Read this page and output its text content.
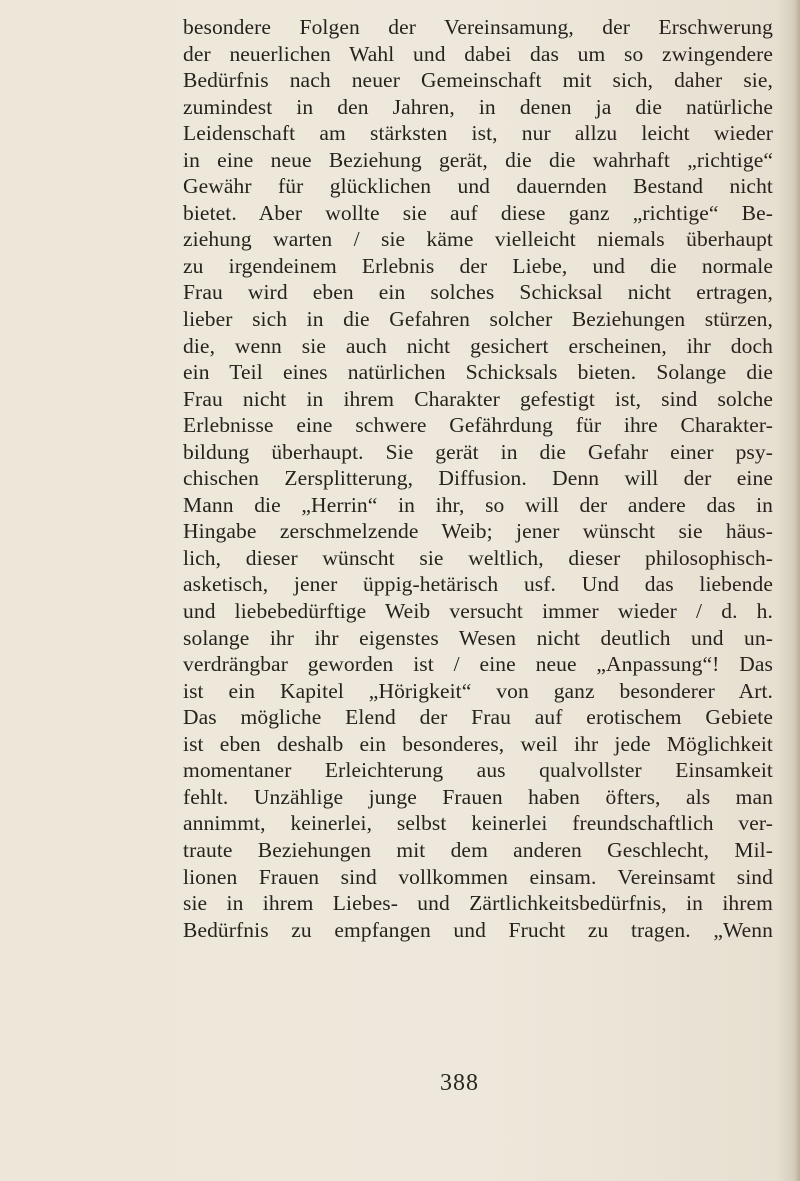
besondere Folgen der Vereinsamung, der Erschwerung
der neuerlichen Wahl und dabei das um so zwingendere
Bedürfnis nach neuer Gemeinschaft mit sich, daher sie,
zumindest in den Jahren, in denen ja die natürliche
Leidenschaft am stärksten ist, nur allzu leicht wieder
in eine neue Beziehung gerät, die die wahrhaft „richtige“
Gewähr für glücklichen und dauernden Bestand nicht
bietet. Aber wollte sie auf diese ganz „richtige“ Be-
ziehung warten / sie käme vielleicht niemals überhaupt
zu irgendeinem Erlebnis der Liebe, und die normale
Frau wird eben ein solches Schicksal nicht ertragen,
lieber sich in die Gefahren solcher Beziehungen stürzen,
die, wenn sie auch nicht gesichert erscheinen, ihr doch
ein Teil eines natürlichen Schicksals bieten. Solange die
Frau nicht in ihrem Charakter gefestigt ist, sind solche
Erlebnisse eine schwere Gefährdung für ihre Charakter-
bildung überhaupt. Sie gerät in die Gefahr einer psy-
chischen Zersplitterung, Diffusion. Denn will der eine
Mann die „Herrin“ in ihr, so will der andere das in
Hingabe zerschmelzende Weib; jener wünscht sie häus-
lich, dieser wünscht sie weltlich, dieser philosophisch-
asketisch, jener üppig-hetärisch usf. Und das liebende
und liebebedürftige Weib versucht immer wieder / d. h.
solange ihr ihr eigenstes Wesen nicht deutlich und un-
verdrängbar geworden ist / eine neue „Anpassung“! Das
ist ein Kapitel „Hörigkeit“ von ganz besonderer Art.
Das mögliche Elend der Frau auf erotischem Gebiete
ist eben deshalb ein besonderes, weil ihr jede Möglichkeit
momentaner Erleichterung aus qualvollster Einsamkeit
fehlt. Unzählige junge Frauen haben öfters, als man
annimmt, keinerlei, selbst keinerlei freundschaftlich ver-
traute Beziehungen mit dem anderen Geschlecht, Mil-
lionen Frauen sind vollkommen einsam. Vereinsamt sind
sie in ihrem Liebes- und Zärtlichkeitsbedürfnis, in ihrem
Bedürfnis zu empfangen und Frucht zu tragen. „Wenn
388
